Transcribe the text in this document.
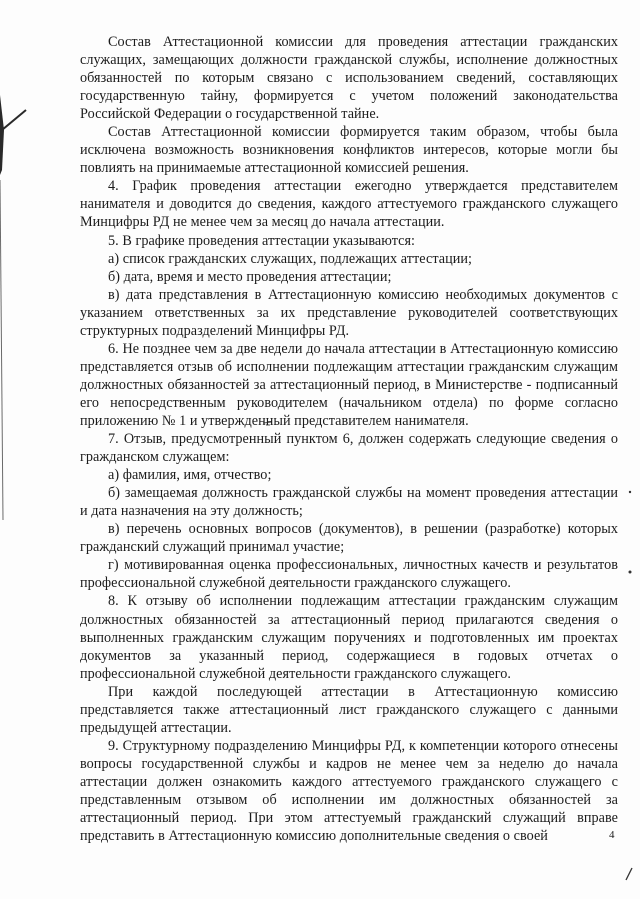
Состав Аттестационной комиссии для проведения аттестации гражданских служащих, замещающих должности гражданской службы, исполнение должностных обязанностей по которым связано с использованием сведений, составляющих государственную тайну, формируется с учетом положений законодательства Российской Федерации о государственной тайне.

Состав Аттестационной комиссии формируется таким образом, чтобы была исключена возможность возникновения конфликтов интересов, которые могли бы повлиять на принимаемые аттестационной комиссией решения.

4. График проведения аттестации ежегодно утверждается представителем нанимателя и доводится до сведения, каждого аттестуемого гражданского служащего Минцифры РД не менее чем за месяц до начала аттестации.

5. В графике проведения аттестации указываются:

а) список гражданских служащих, подлежащих аттестации;

б) дата, время и место проведения аттестации;

в) дата представления в Аттестационную комиссию необходимых документов с указанием ответственных за их представление руководителей соответствующих структурных подразделений Минцифры РД.

6. Не позднее чем за две недели до начала аттестации в Аттестационную комиссию представляется отзыв об исполнении подлежащим аттестации гражданским служащим должностных обязанностей за аттестационный период, в Министерстве - подписанный его непосредственным руководителем (начальником отдела) по форме согласно приложению № 1 и утвержденный представителем нанимателя.

7. Отзыв, предусмотренный пунктом 6, должен содержать следующие сведения о гражданском служащем:

а) фамилия, имя, отчество;

б) замещаемая должность гражданской службы на момент проведения аттестации и дата назначения на эту должность;

в) перечень основных вопросов (документов), в решении (разработке) которых гражданский служащий принимал участие;

г) мотивированная оценка профессиональных, личностных качеств и результатов профессиональной служебной деятельности гражданского служащего.

8. К отзыву об исполнении подлежащим аттестации гражданским служащим должностных обязанностей за аттестационный период прилагаются сведения о выполненных гражданским служащим поручениях и подготовленных им проектах документов за указанный период, содержащиеся в годовых отчетах о профессиональной служебной деятельности гражданского служащего.

При каждой последующей аттестации в Аттестационную комиссию представляется также аттестационный лист гражданского служащего с данными предыдущей аттестации.

9. Структурному подразделению Минцифры РД, к компетенции которого отнесены вопросы государственной службы и кадров не менее чем за неделю до начала аттестации должен ознакомить каждого аттестуемого гражданского служащего с представленным отзывом об исполнении им должностных обязанностей за аттестационный период. При этом аттестуемый гражданский служащий вправе представить в Аттестационную комиссию дополнительные сведения о своей	4
